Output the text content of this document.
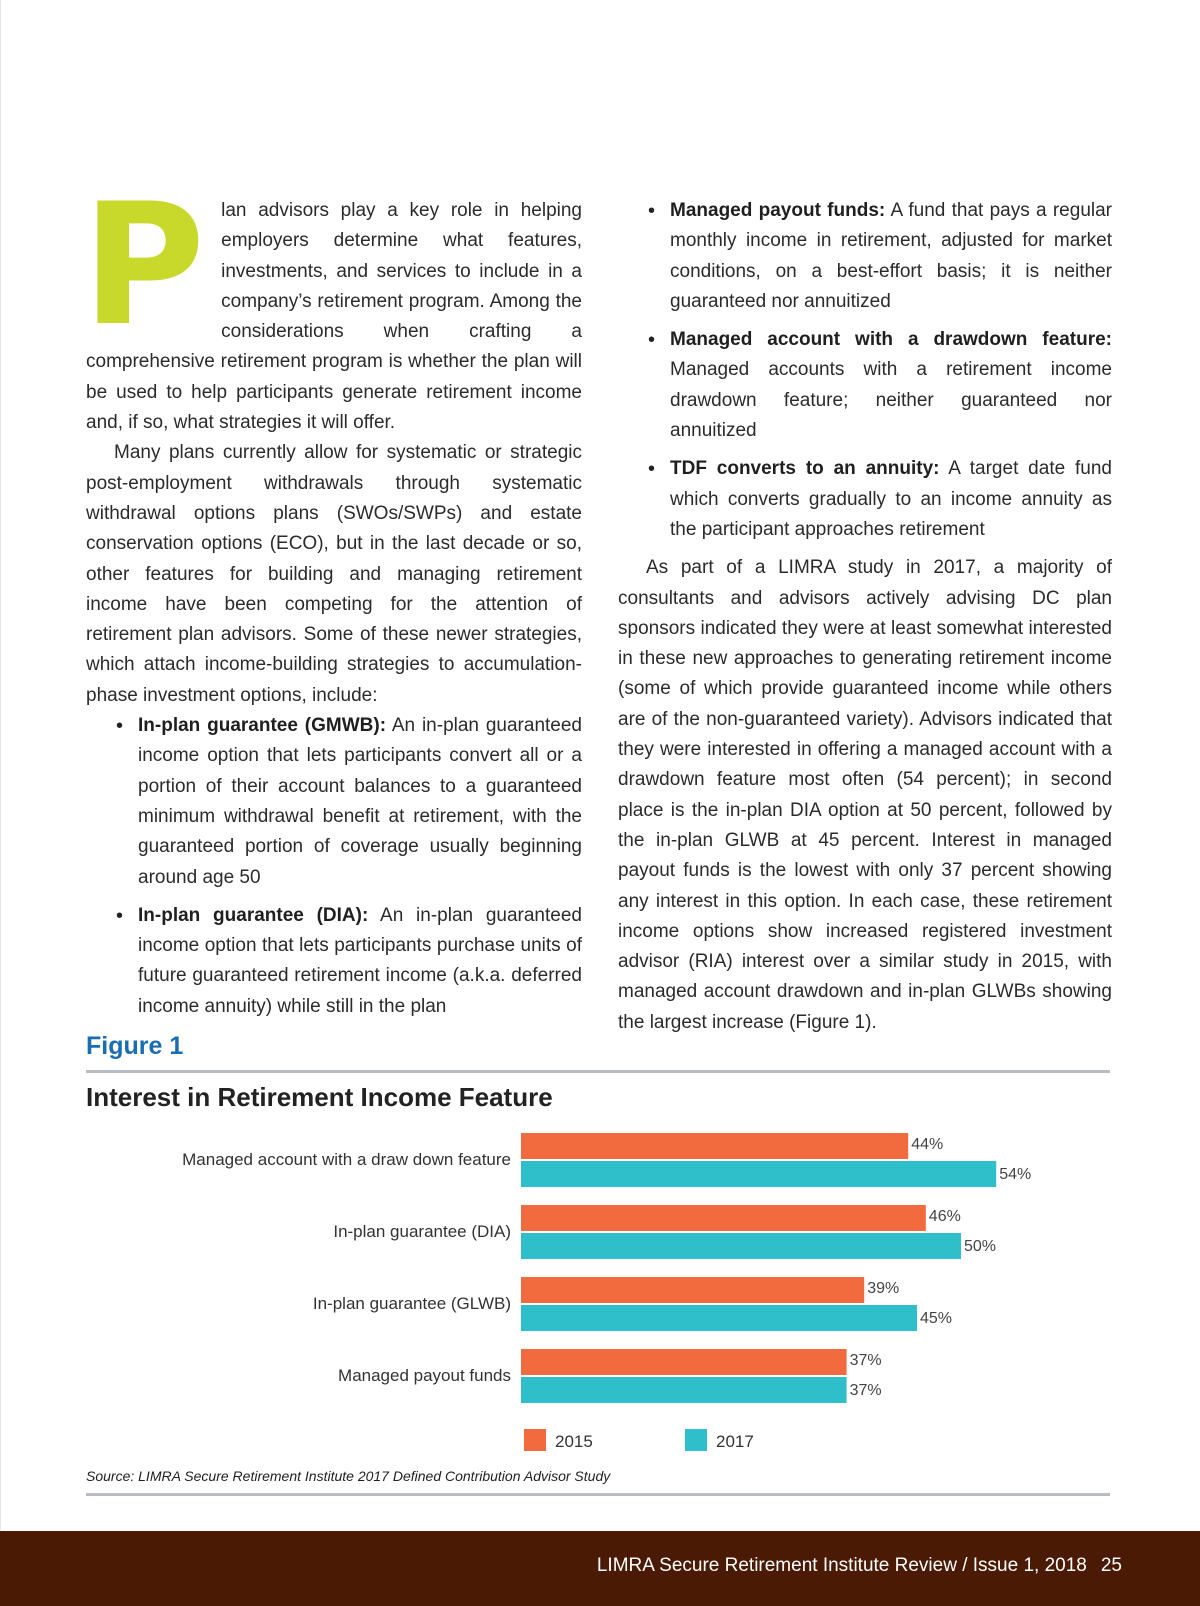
Plan advisors play a key role in helping employers determine what features, investments, and services to include in a company’s retirement program. Among the considerations when crafting a comprehensive retirement program is whether the plan will be used to help participants generate retirement income and, if so, what strategies it will offer.

Many plans currently allow for systematic or strategic post-employment withdrawals through systematic withdrawal options plans (SWOs/SWPs) and estate conservation options (ECO), but in the last decade or so, other features for building and managing retirement income have been competing for the attention of retirement plan advisors. Some of these newer strategies, which attach income-building strategies to accumulation-phase investment options, include:

• In-plan guarantee (GMWB): An in-plan guaranteed income option that lets participants convert all or a portion of their account balances to a guaranteed minimum withdrawal benefit at retirement, with the guaranteed portion of coverage usually beginning around age 50
• In-plan guarantee (DIA): An in-plan guaranteed income option that lets participants purchase units of future guaranteed retirement income (a.k.a. deferred income annuity) while still in the plan
• Managed payout funds: A fund that pays a regular monthly income in retirement, adjusted for market conditions, on a best-effort basis; it is neither guaranteed nor annuitized
• Managed account with a drawdown feature: Managed accounts with a retirement income drawdown feature; neither guaranteed nor annuitized
• TDF converts to an annuity: A target date fund which converts gradually to an income annuity as the participant approaches retirement

As part of a LIMRA study in 2017, a majority of consultants and advisors actively advising DC plan sponsors indicated they were at least somewhat interested in these new approaches to generating retirement income (some of which provide guaranteed income while others are of the non-guaranteed variety). Advisors indicated that they were interested in offering a managed account with a drawdown feature most often (54 percent); in second place is the in-plan DIA option at 50 percent, followed by the in-plan GLWB at 45 percent. Interest in managed payout funds is the lowest with only 37 percent showing any interest in this option. In each case, these retirement income options show increased registered investment advisor (RIA) interest over a similar study in 2015, with managed account drawdown and in-plan GLWBs showing the largest increase (Figure 1).

Figure 1
Interest in Retirement Income Feature
Managed account with a draw down feature
44%
54%
In-plan guarantee (DIA)
46%
50%
In-plan guarantee (GLWB)
39%
45%
Managed payout funds
37%
37%
2015	2017
Source: LIMRA Secure Retirement Institute 2017 Defined Contribution Advisor Study
LIMRA Secure Retirement Institute Review / Issue 1, 2018 25
